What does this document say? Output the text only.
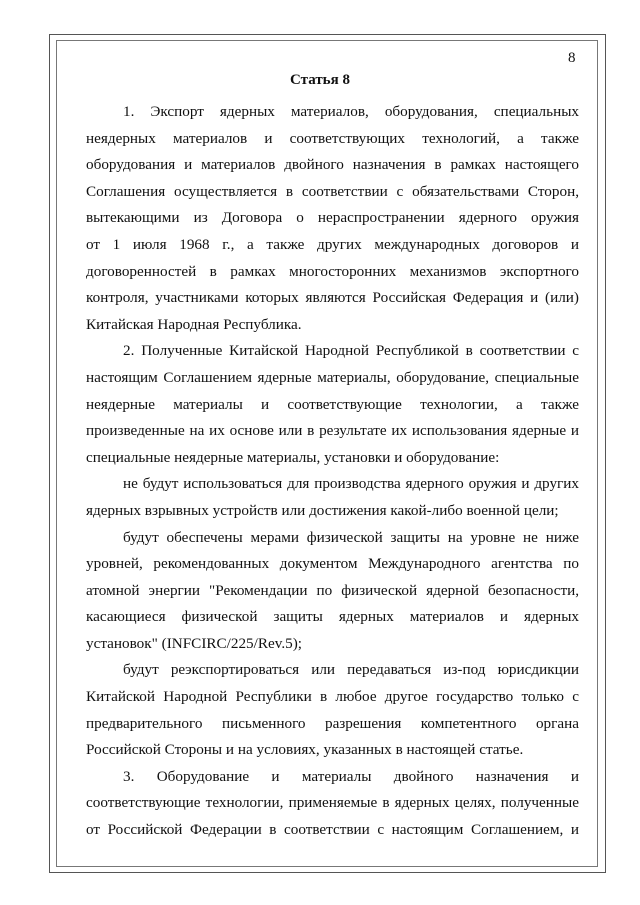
8
Статья 8
1. Экспорт ядерных материалов, оборудования, специальных
неядерных материалов и соответствующих технологий, а также
оборудования и материалов двойного назначения в рамках настоящего
Соглашения осуществляется в соответствии с обязательствами Сторон,
вытекающими из Договора о нераспространении ядерного оружия
от 1 июля 1968 г., а также других международных договоров и
договоренностей в рамках многосторонних механизмов экспортного
контроля, участниками которых являются Российская Федерация и (или)
Китайская Народная Республика.
2. Полученные Китайской Народной Республикой в соответствии с
настоящим Соглашением ядерные материалы, оборудование, специальные
неядерные материалы и соответствующие технологии, а также
произведенные на их основе или в результате их использования ядерные и
специальные неядерные материалы, установки и оборудование:
не будут использоваться для производства ядерного оружия и других
ядерных взрывных устройств или достижения какой-либо военной цели;
будут обеспечены мерами физической защиты на уровне не ниже
уровней, рекомендованных документом Международного агентства по
атомной энергии "Рекомендации по физической ядерной безопасности,
касающиеся физической защиты ядерных материалов и ядерных
установок" (INFCIRC/225/Rev.5);
будут реэкспортироваться или передаваться из-под юрисдикции
Китайской Народной Республики в любое другое государство только с
предварительного письменного разрешения компетентного органа
Российской Стороны и на условиях, указанных в настоящей статье.
3. Оборудование и материалы двойного назначения и
соответствующие технологии, применяемые в ядерных целях, полученные
от Российской Федерации в соответствии с настоящим Соглашением, и
